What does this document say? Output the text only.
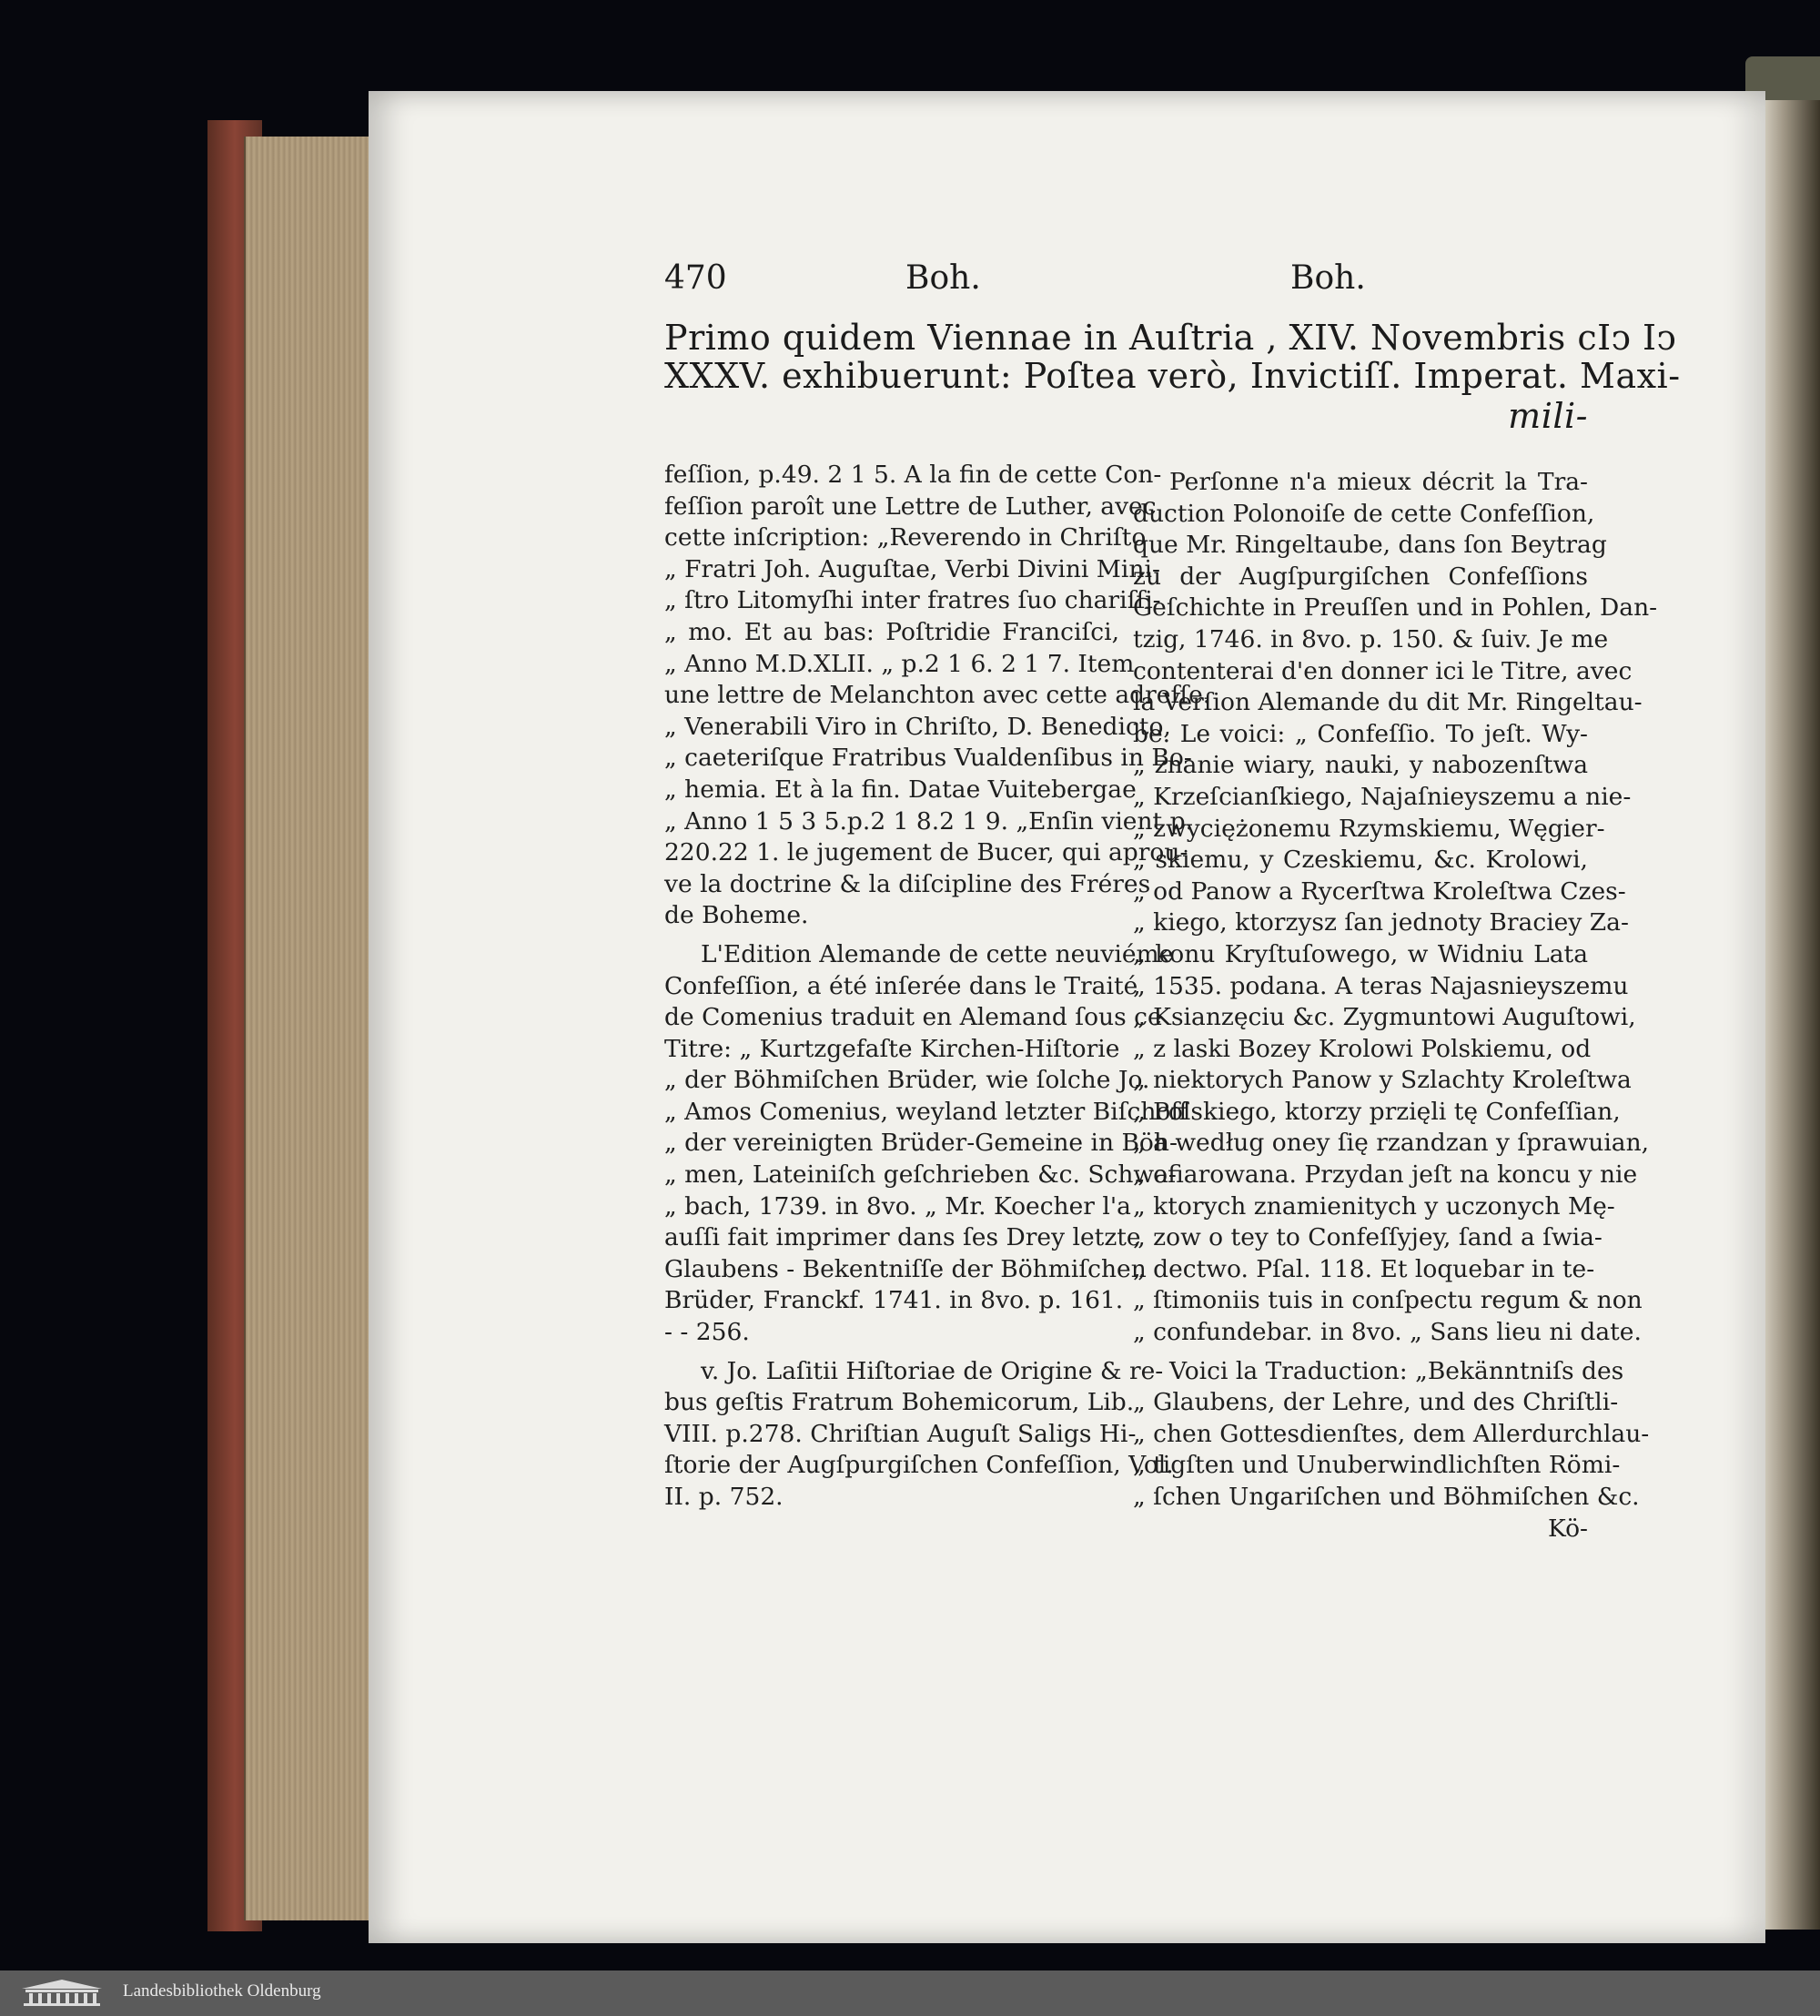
470	Boh.	Boh.
Primo quidem Viennae in Auſtria , XIV. Novembris cIↄ Iↄ
XXXV. exhibuerunt: Poſtea verò, Invictiſſ. Imperat. Maxi-
mili-
feſſion, p.49. 2 1 5. A la fin de cette Con-
feſſion paroît une Lettre de Luther, avec
cette inſcription: „Reverendo in Chriſto
„ Fratri Joh. Auguſtae, Verbi Divini Mini-
„ ſtro Litomyſhi inter fratres ſuo chariſſi-
„ mo. Et au bas: Poſtridie Franciſci,
„ Anno M.D.XLII. „ p.2 1 6. 2 1 7. Item
une lettre de Melanchton avec cette adreſſe.
„ Venerabili Viro in Chriſto, D. Benedicto,
„ caeteriſque Fratribus Vualdenſibus in Bo-
„ hemia. Et à la fin. Datae Vuitebergae
„ Anno 1 5 3 5.p.2 1 8.2 1 9. „Enſin vient p.
220.22 1. le jugement de Bucer, qui aprou-
ve la doctrine & la diſcipline des Fréres
de Boheme.
L'Edition Alemande de cette neuviéme
Confeſſion, a été inſerée dans le Traité
de Comenius traduit en Alemand ſous ce
Titre: „ Kurtzgefaſte Kirchen-Hiſtorie
„ der Böhmiſchen Brüder, wie ſolche Jo.
„ Amos Comenius, weyland letzter Biſchoff
„ der vereinigten Brüder-Gemeine in Böh-
„ men, Lateiniſch geſchrieben &c. Schwa-
„ bach, 1739. in 8vo. „ Mr. Koecher l'a
auſſi fait imprimer dans ſes Drey letzte
Glaubens - Bekentniſſe der Böhmiſchen
Brüder, Franckf. 1741. in 8vo. p. 161.
- - 256.
v. Jo. Laſitii Hiſtoriae de Origine & re-
bus geſtis Fratrum Bohemicorum, Lib.
VIII. p.278. Chriſtian Auguſt Saligs Hi-
ſtorie der Augſpurgiſchen Confeſſion, Vol.
II. p. 752.
Perſonne n'a mieux décrit la Tra-
duction Polonoiſe de cette Confeſſion,
que Mr. Ringeltaube, dans ſon Beytrag
zu der Augſpurgiſchen Confeſſions
Geſchichte in Preuſſen und in Pohlen, Dan-
tzig, 1746. in 8vo. p. 150. & ſuiv. Je me
contenterai d'en donner ici le Titre, avec
la Verſion Alemande du dit Mr. Ringeltau-
be. Le voici: „ Confeſſio. To jeſt. Wy-
„ znanie wiary, nauki, y nabozenſtwa
„ Krzeſcianſkiego, Najaſnieyszemu a nie-
„ zwyciężonemu Rzymskiemu, Węgier-
„ skiemu, y Czeskiemu, &c. Krolowi,
„ od Panow a Rycerſtwa Kroleſtwa Czes-
„ kiego, ktorzysz ſan jednoty Braciey Za-
„ konu Kryſtuſowego, w Widniu Lata
„ 1535. podana. A teras Najasnieyszemu
„ Ksianzęciu &c. Zygmuntowi Auguſtowi,
„ z laski Bozey Krolowi Polskiemu, od
„ niektorych Panow y Szlachty Kroleſtwa
„ Polskiego, ktorzy przięli tę Confeſſian,
„ a według oney ſię rzandzan y ſprawuian,
„ ofiarowana. Przydan jeſt na koncu y nie
„ ktorych znamienitych y uczonych Mę-
„ zow o tey to Confeſſyjey, ſand a ſwia-
„ dectwo. Pſal. 118. Et loquebar in te-
„ ſtimoniis tuis in conſpectu regum & non
„ confundebar. in 8vo. „ Sans lieu ni date.
Voici la Traduction: „Bekänntniſs des
„ Glaubens, der Lehre, und des Chriſtli-
„ chen Gottesdienſtes, dem Allerdurchlau-
„ tigſten und Unuberwindlichſten Römi-
„ ſchen Ungariſchen und Böhmiſchen &c.
Kö-
Landesbibliothek Oldenburg
